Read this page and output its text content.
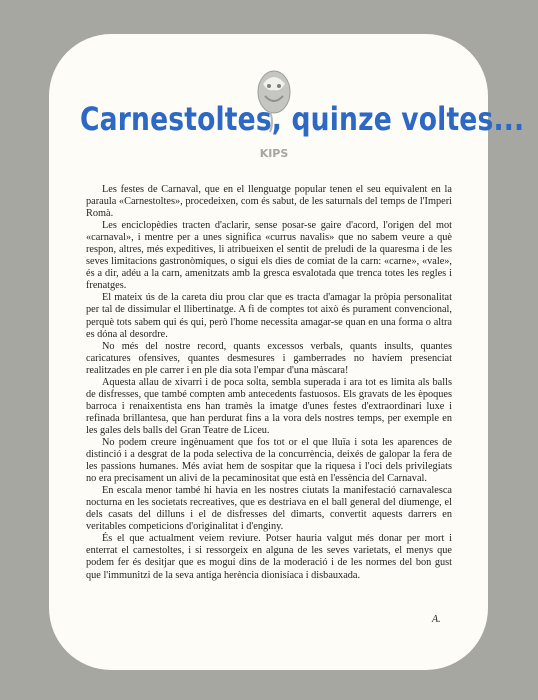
KIPS
Carnestoltes, quinze voltes...

Les festes de Carnaval, que en el llenguatge popular tenen el seu equivalent en la paraula «Carnestoltes», procedeixen, com és sabut, de les saturnals del temps de l'Imperi Romà.

Les enciclopèdies tracten d'aclarir, sense posar-se gaire d'acord, l'origen del mot «carnaval», i mentre per a unes significa «currus navalis» que no sabem veure a què respon, altres, més expeditives, li atribueixen el sentit de preludi de la quaresma i de les seves limitacions gastronòmiques, o sigui els dies de comiat de la carn: «carne», «vale», és a dir, adéu a la carn, amenitzats amb la gresca esvalotada que trenca totes les regles i frenatges.

El mateix ús de la careta diu prou clar que es tracta d'amagar la pròpia personalitat per tal de dissimular el llibertinatge. A fi de comptes tot això és purament convencional, perquè tots sabem qui és qui, però l'home necessita amagar-se quan en una forma o altra es dóna al desordre.

No més del nostre record, quants excessos verbals, quants insults, quantes caricatures ofensives, quantes desmesures i gamberrades no havíem presenciat realitzades en ple carrer i en ple dia sota l'empar d'una màscara!

Aquesta allau de xivarri i de poca solta, sembla superada i ara tot es limita als balls de disfresses, que també compten amb antecedents fastuosos. Els gravats de les èpoques barroca i renaixentista ens han tramès la imatge d'unes festes d'extraordinari luxe i refinada brillantesa, que han perdurat fins a la vora dels nostres temps, per exemple en les gales dels balls del Gran Teatre de Liceu.

No podem creure ingènuament que fos tot or el que lluïa i sota les aparences de distinció i a desgrat de la poda selectiva de la concurrència, deixés de galopar la fera de les passions humanes. Més aviat hem de sospitar que la riquesa i l'oci dels privilegiats no era precisament un alivi de la pecaminositat que està en l'essència del Carnaval.

En escala menor també hi havia en les nostres ciutats la manifestació carnavalesca nocturna en les societats recreatives, que es destriava en el ball general del diumenge, el dels casats del dilluns i el de disfresses del dimarts, convertit aquests darrers en veritables competicions d'originalitat i d'enginy.

És el que actualment veiem reviure. Potser hauria valgut més donar per mort i enterrat el carnestoltes, i si ressorgeix en alguna de les seves varietats, el menys que podem fer és desitjar que es moguí dins de la moderació i de les normes del bon gust que l'immunitzi de la seva antiga herència dionisíaca i disbauxada.

A.
